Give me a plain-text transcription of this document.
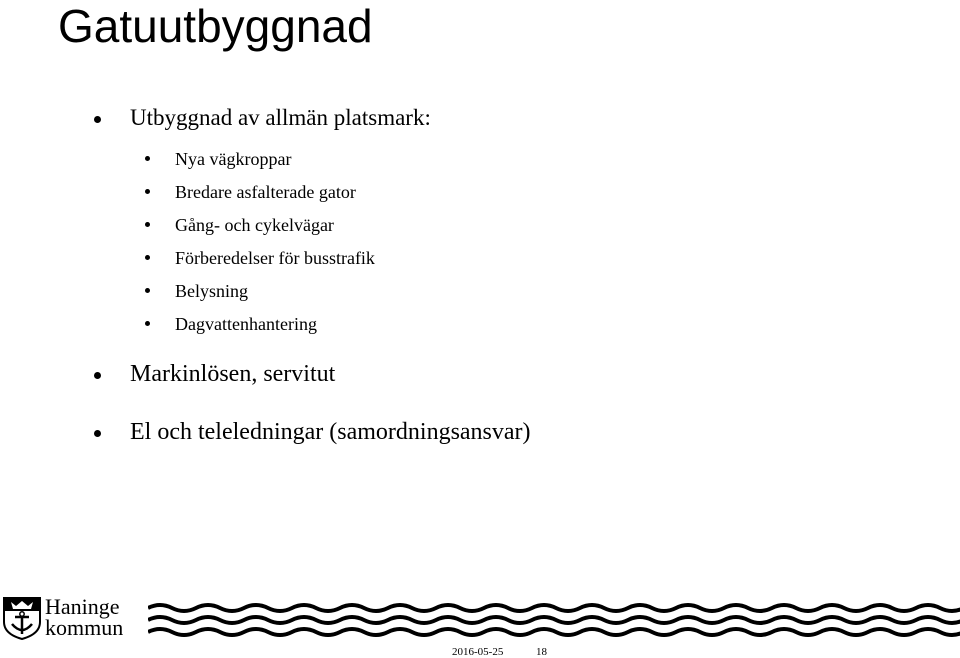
Gatuutbyggnad
Utbyggnad av allmän platsmark:
Nya vägkroppar
Bredare asfalterade gator
Gång- och cykelvägar
Förberedelser för busstrafik
Belysning
Dagvattenhantering
Markinlösen, servitut
El och teleledningar (samordningsansvar)
Haninge
kommun
2016-05-25	18
